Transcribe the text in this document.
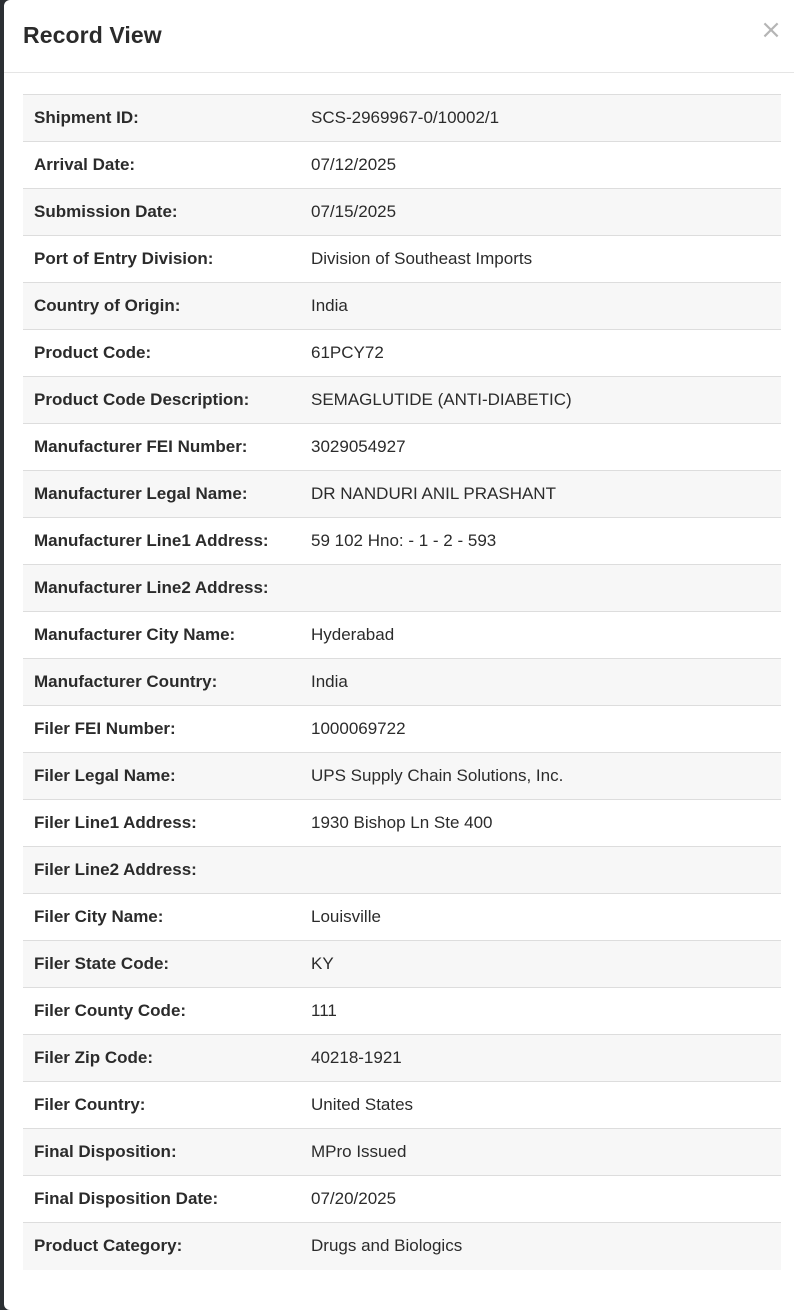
Record View	×
Shipment ID:	SCS-2969967-0/10002/1
Arrival Date:	07/12/2025
Submission Date:	07/15/2025
Port of Entry Division:	Division of Southeast Imports
Country of Origin:	India
Product Code:	61PCY72
Product Code Description:	SEMAGLUTIDE (ANTI-DIABETIC)
Manufacturer FEI Number:	3029054927
Manufacturer Legal Name:	DR NANDURI ANIL PRASHANT
Manufacturer Line1 Address:	59 102 Hno: - 1 - 2 - 593
Manufacturer Line2 Address:	
Manufacturer City Name:	Hyderabad
Manufacturer Country:	India
Filer FEI Number:	1000069722
Filer Legal Name:	UPS Supply Chain Solutions, Inc.
Filer Line1 Address:	1930 Bishop Ln Ste 400
Filer Line2 Address:	
Filer City Name:	Louisville
Filer State Code:	KY
Filer County Code:	111
Filer Zip Code:	40218-1921
Filer Country:	United States
Final Disposition:	MPro Issued
Final Disposition Date:	07/20/2025
Product Category:	Drugs and Biologics
